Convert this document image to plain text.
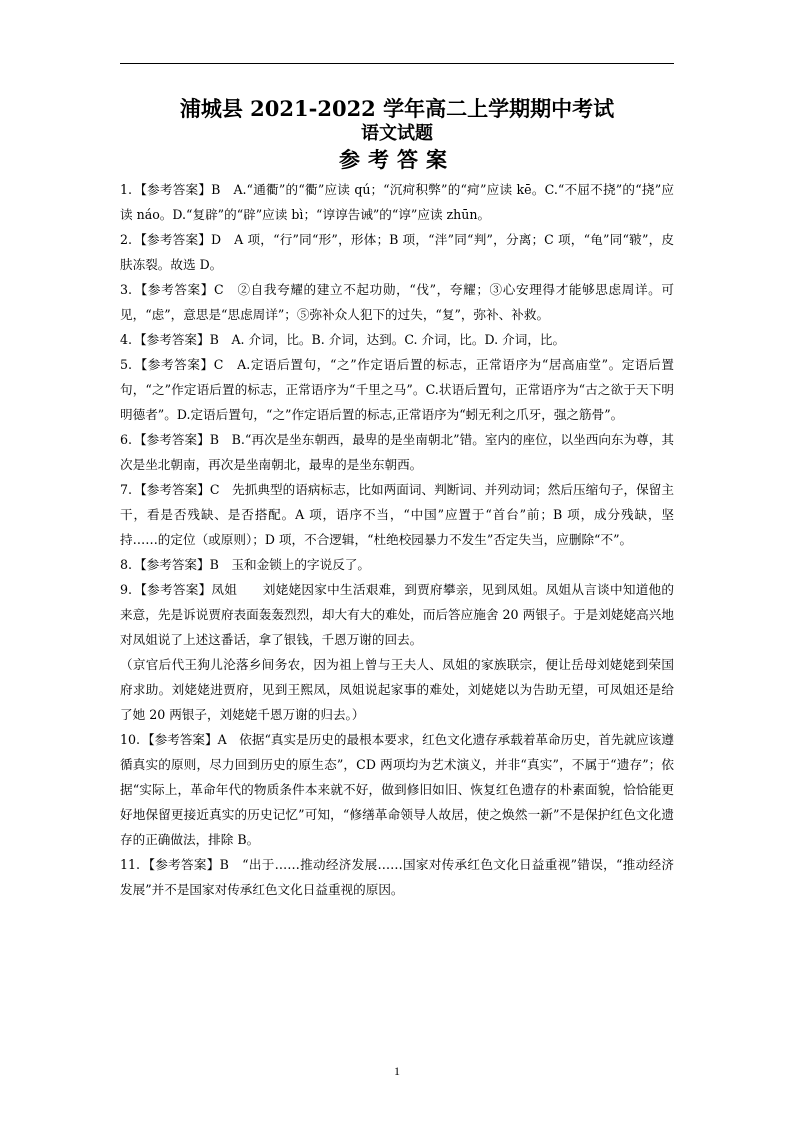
浦城县 2021-2022 学年高二上学期期中考试
语文试题
参考答案

1. 【参考答案】B　A.“通衢”的“衢”应读 qú；“沉疴积弊”的“疴”应读 kē。C.“不屈不挠”的“挠”应读 náo。D.“复辟”的“辟”应读 bì；“谆谆告诫”的“谆”应读 zhūn。

2. 【参考答案】D　A 项，“行”同“形”，形体；B 项，“泮”同“判”，分离；C 项，“龟”同“皲”，皮肤冻裂。故选 D。

3. 【参考答案】C　②自我夸耀的建立不起功勋，“伐”，夸耀；③心安理得才能够思虑周详。可见，“虑”，意思是“思虑周详”；⑤弥补众人犯下的过失，“复”，弥补、补救。

4. 【参考答案】B　A. 介词，比。B. 介词，达到。C. 介词，比。D. 介词，比。

5. 【参考答案】C　A.定语后置句，“之”作定语后置的标志，正常语序为“居高庙堂”。定语后置句，“之”作定语后置的标志，正常语序为“千里之马”。C.状语后置句，正常语序为“古之欲于天下明明德者”。D.定语后置句，“之”作定语后置的标志,正常语序为“蚓无利之爪牙，强之筋骨”。

6. 【参考答案】B　B.“再次是坐东朝西，最卑的是坐南朝北”错。室内的座位，以坐西向东为尊，其次是坐北朝南，再次是坐南朝北，最卑的是坐东朝西。

7. 【参考答案】C　先抓典型的语病标志，比如两面词、判断词、并列动词；然后压缩句子，保留主干，看是否残缺、是否搭配。A 项，语序不当，“中国”应置于“首台”前；B 项，成分残缺，坚持……的定位（或原则）；D 项，不合逻辑，“杜绝校园暴力不发生”否定失当，应删除“不”。

8. 【参考答案】B　玉和金锁上的字说反了。

9. 【参考答案】凤姐　　刘姥姥因家中生活艰难，到贾府攀亲，见到凤姐。凤姐从言谈中知道他的来意，先是诉说贾府表面轰轰烈烈，却大有大的难处，而后答应施舍 20 两银子。于是刘姥姥高兴地对凤姐说了上述这番话，拿了银钱，千恩万谢的回去。

（京官后代王狗儿沦落乡间务农，因为祖上曾与王夫人、凤姐的家族联宗，便让岳母刘姥姥到荣国府求助。刘姥姥进贾府，见到王熙凤，凤姐说起家事的难处，刘姥姥以为告助无望，可凤姐还是给了她 20 两银子，刘姥姥千恩万谢的归去。）

10. 【参考答案】A　依据“真实是历史的最根本要求，红色文化遗存承载着革命历史，首先就应该遵循真实的原则，尽力回到历史的原生态”，CD 两项均为艺术演义，并非“真实”，不属于“遗存”；依据“实际上，革命年代的物质条件本来就不好，做到修旧如旧、恢复红色遗存的朴素面貌，恰恰能更好地保留更接近真实的历史记忆”可知，“修缮革命领导人故居，使之焕然一新”不是保护红色文化遗存的正确做法，排除 B。

11. 【参考答案】B　“出于……推动经济发展……国家对传承红色文化日益重视”错误，“推动经济发展”并不是国家对传承红色文化日益重视的原因。

1
